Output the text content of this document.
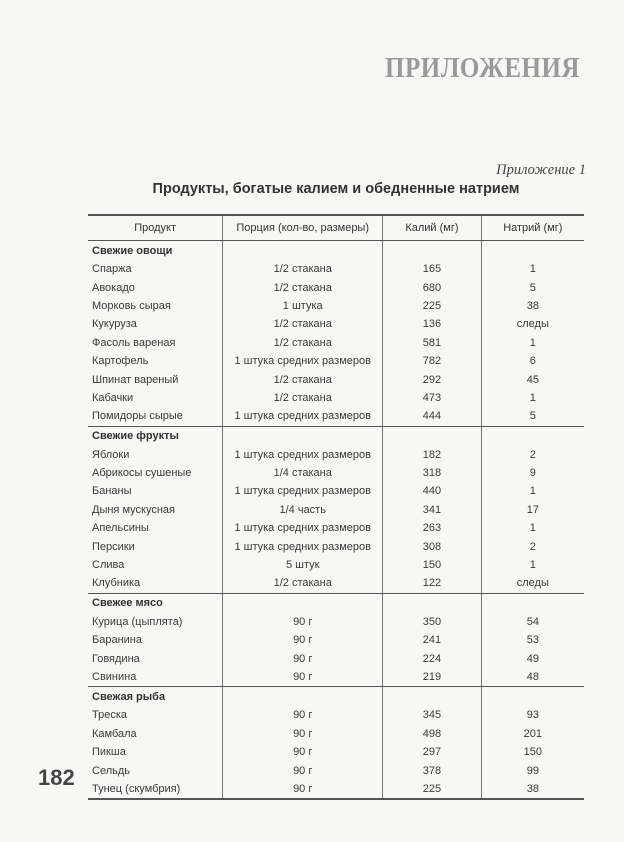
ПРИЛОЖЕНИЯ
Приложение 1
Продукты, богатые калием и обедненные натрием
Продукт	Порция (кол-во, размеры)	Калий (мг)	Натрий (мг)
Свежие овощи
Спаржа	1/2 стакана	165	1
Авокадо	1/2 стакана	680	5
Морковь сырая	1 штука	225	38
Кукуруза	1/2 стакана	136	следы
Фасоль вареная	1/2 стакана	581	1
Картофель	1 штука средних размеров	782	6
Шпинат вареный	1/2 стакана	292	45
Кабачки	1/2 стакана	473	1
Помидоры сырые	1 штука средних размеров	444	5
Свежие фрукты
Яблоки	1 штука средних размеров	182	2
Абрикосы сушеные	1/4 стакана	318	9
Бананы	1 штука средних размеров	440	1
Дыня мускусная	1/4 часть	341	17
Апельсины	1 штука средних размеров	263	1
Персики	1 штука средних размеров	308	2
Слива	5 штук	150	1
Клубника	1/2 стакана	122	следы
Свежее мясо
Курица (цыплята)	90 г	350	54
Баранина	90 г	241	53
Говядина	90 г	224	49
Свинина	90 г	219	48
Свежая рыба
Треска	90 г	345	93
Камбала	90 г	498	201
Пикша	90 г	297	150
Сельдь	90 г	378	99
Тунец (скумбрия)	90 г	225	38
182
